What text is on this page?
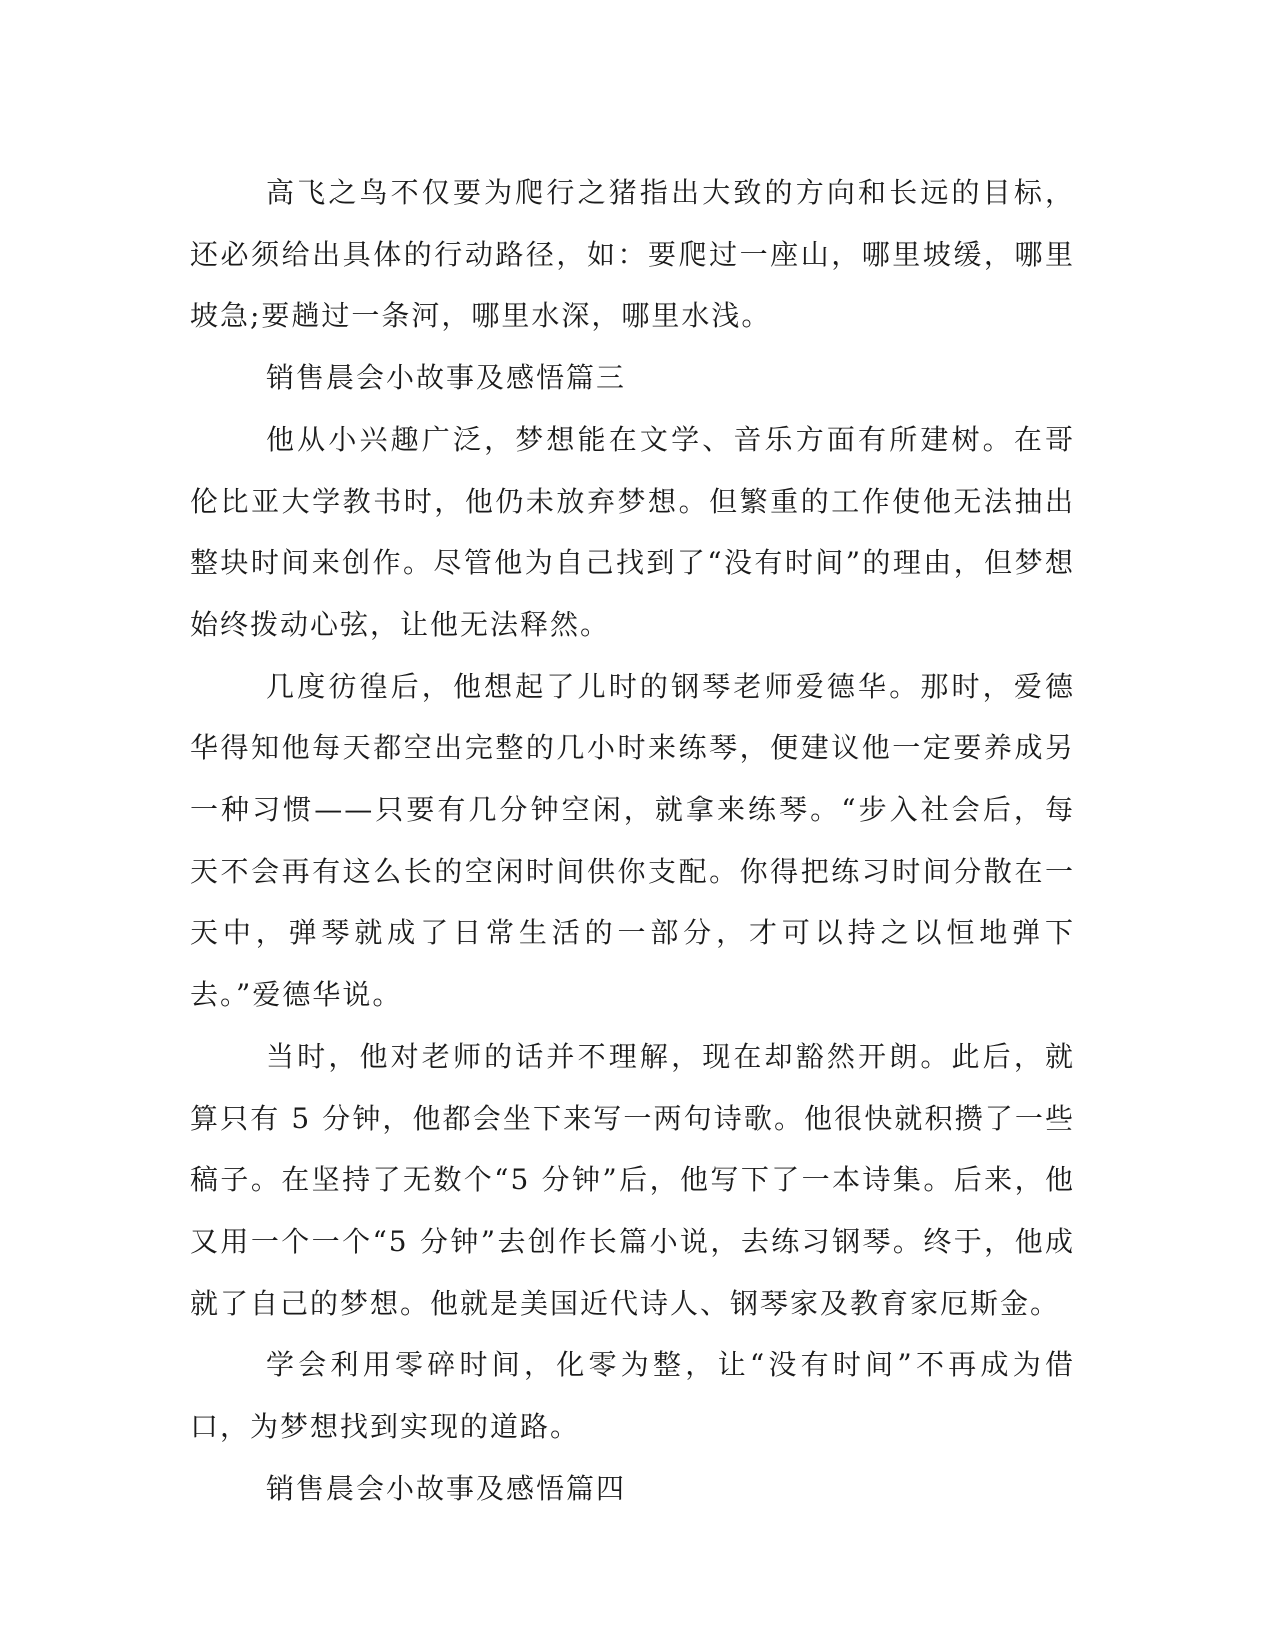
高飞之鸟不仅要为爬行之猪指出大致的方向和长远的目标，还必须给出具体的行动路径，如：要爬过一座山，哪里坡缓，哪里坡急;要趟过一条河，哪里水深，哪里水浅。

销售晨会小故事及感悟篇三

他从小兴趣广泛，梦想能在文学、音乐方面有所建树。在哥伦比亚大学教书时，他仍未放弃梦想。但繁重的工作使他无法抽出整块时间来创作。尽管他为自己找到了“没有时间”的理由，但梦想始终拨动心弦，让他无法释然。

几度彷徨后，他想起了儿时的钢琴老师爱德华。那时，爱德华得知他每天都空出完整的几小时来练琴，便建议他一定要养成另一种习惯——只要有几分钟空闲，就拿来练琴。“步入社会后，每天不会再有这么长的空闲时间供你支配。你得把练习时间分散在一天中，弹琴就成了日常生活的一部分，才可以持之以恒地弹下去。”爱德华说。

当时，他对老师的话并不理解，现在却豁然开朗。此后，就算只有 5 分钟，他都会坐下来写一两句诗歌。他很快就积攒了一些稿子。在坚持了无数个“5 分钟”后，他写下了一本诗集。后来，他又用一个一个“5 分钟”去创作长篇小说，去练习钢琴。终于，他成就了自己的梦想。他就是美国近代诗人、钢琴家及教育家厄斯金。

学会利用零碎时间，化零为整，让“没有时间”不再成为借口，为梦想找到实现的道路。

销售晨会小故事及感悟篇四
